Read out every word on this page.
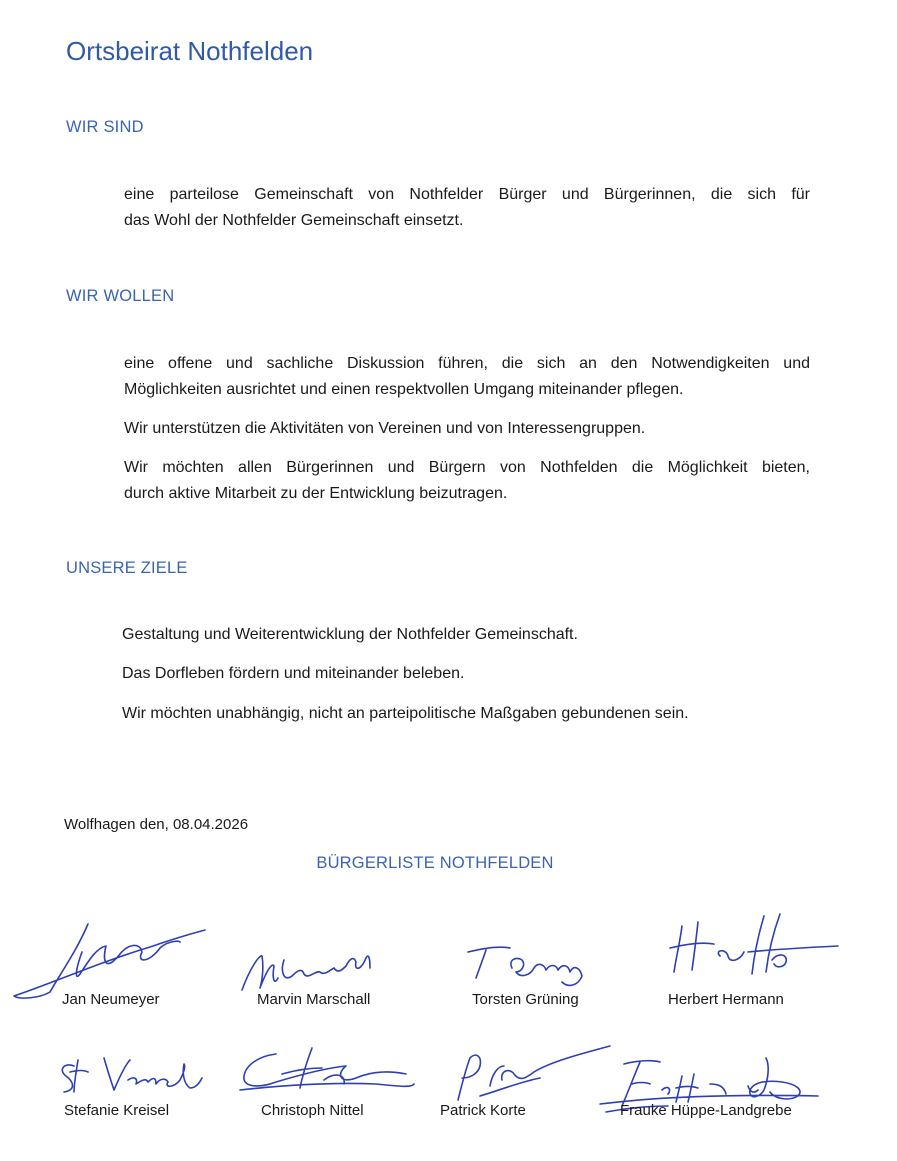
Ortsbeirat Nothfelden
WIR SIND
eine parteilose Gemeinschaft von Nothfelder Bürger und Bürgerinnen, die sich für
das Wohl der Nothfelder Gemeinschaft einsetzt.
WIR WOLLEN
eine offene und sachliche Diskussion führen, die sich an den Notwendigkeiten und
Möglichkeiten ausrichtet und einen respektvollen Umgang miteinander pflegen.
Wir unterstützen die Aktivitäten von Vereinen und von Interessengruppen.
Wir möchten allen Bürgerinnen und Bürgern von Nothfelden die Möglichkeit bieten,
durch aktive Mitarbeit zu der Entwicklung beizutragen.
UNSERE ZIELE
Gestaltung und Weiterentwicklung der Nothfelder Gemeinschaft.
Das Dorfleben fördern und miteinander beleben.
Wir möchten unabhängig, nicht an parteipolitische Maßgaben gebundenen sein.
Wolfhagen den, 08.04.2026
BÜRGERLISTE NOTHFELDEN
Jan Neumeyer	Marvin Marschall	Torsten Grüning	Herbert Hermann
Stefanie Kreisel	Christoph Nittel	Patrick Korte	Frauke Hüppe-Landgrebe
